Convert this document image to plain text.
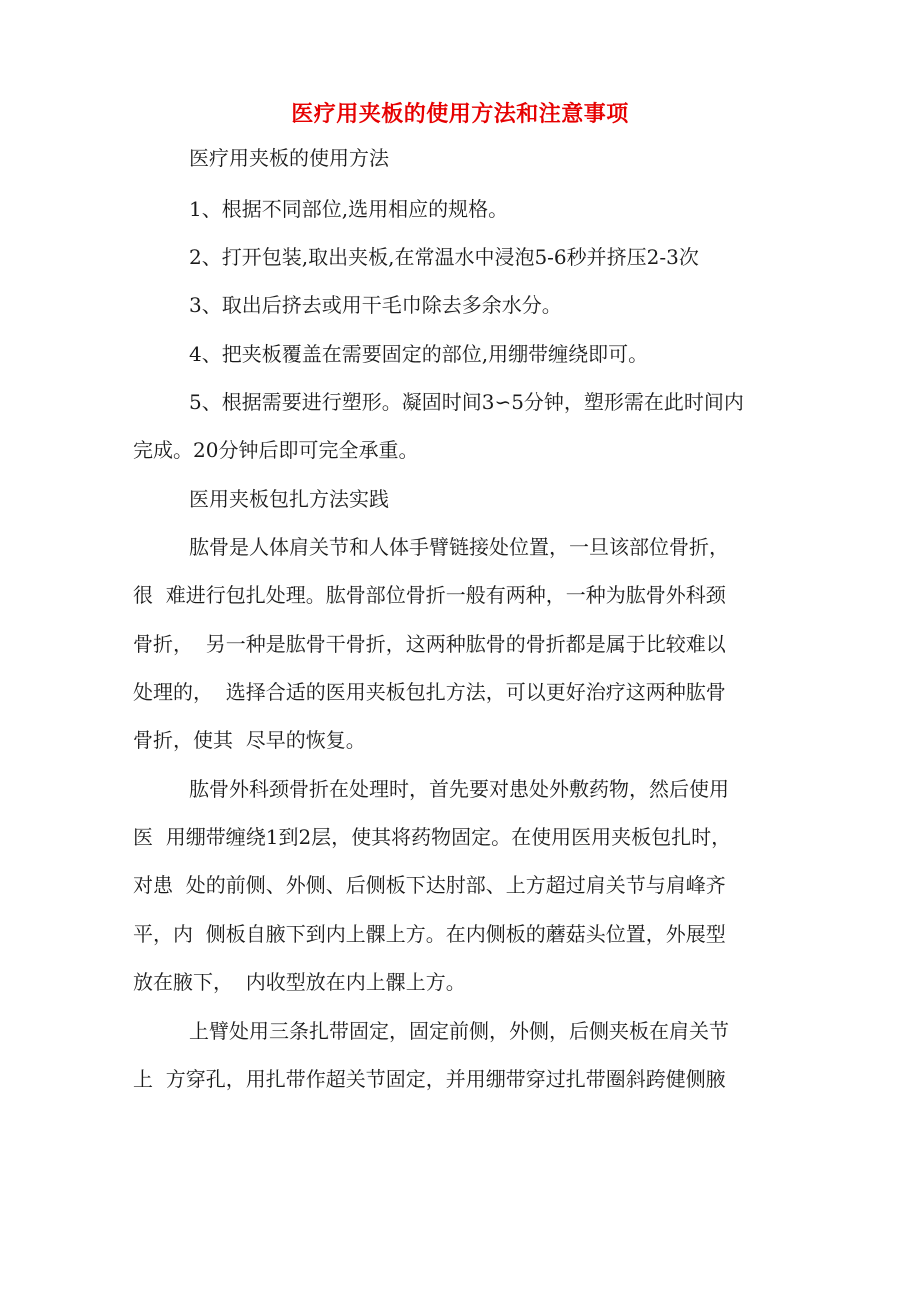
医疗用夹板的使用方法和注意事项
医疗用夹板的使用方法
1、根据不同部位,选用相应的规格。
2、打开包装,取出夹板,在常温水中浸泡5-6秒并挤压2-3次
3、取出后挤去或用干毛巾除去多余水分。
4、把夹板覆盖在需要固定的部位,用绷带缠绕即可。
5、根据需要进行塑形。凝固时间3∽5分钟，塑形需在此时间内
完成。20分钟后即可完全承重。
医用夹板包扎方法实践
肱骨是人体肩关节和人体手臂链接处位置，一旦该部位骨折，
很  难进行包扎处理。肱骨部位骨折一般有两种，一种为肱骨外科颈
骨折，  另一种是肱骨干骨折，这两种肱骨的骨折都是属于比较难以
处理的，  选择合适的医用夹板包扎方法，可以更好治疗这两种肱骨
骨折，使其  尽早的恢复。
肱骨外科颈骨折在处理时，首先要对患处外敷药物，然后使用
医  用绷带缠绕1到2层，使其将药物固定。在使用医用夹板包扎时，
对患  处的前侧、外侧、后侧板下达肘部、上方超过肩关节与肩峰齐
平，内  侧板自腋下到内上髁上方。在内侧板的蘑菇头位置，外展型
放在腋下，  内收型放在内上髁上方。
上臂处用三条扎带固定，固定前侧，外侧，后侧夹板在肩关节
上  方穿孔，用扎带作超关节固定，并用绷带穿过扎带圈斜跨健侧腋
